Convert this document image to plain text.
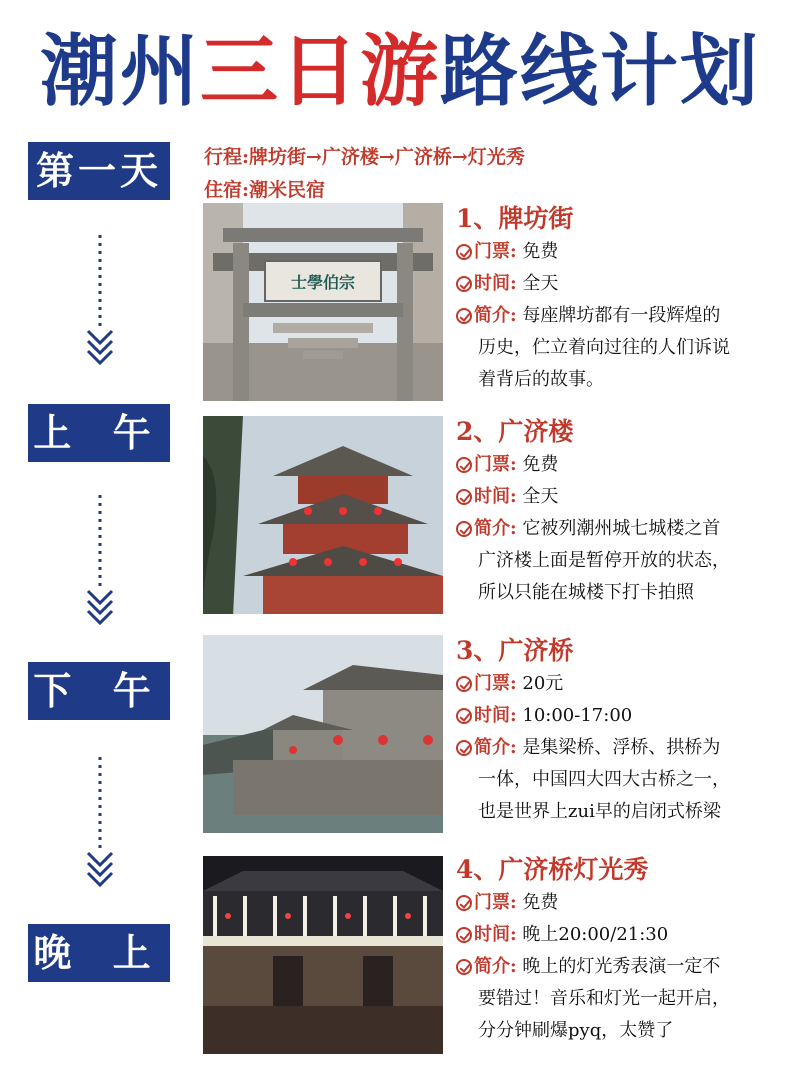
潮州三日游路线计划
行程:牌坊街→广济楼→广济桥→灯光秀
住宿:潮米民宿
第一天
上 午
下 午
晚 上
士學伯宗
1、牌坊街
门票: 免费
时间: 全天
简介: 每座牌坊都有一段辉煌的
历史，伫立着向过往的人们诉说
着背后的故事。
2、广济楼
门票: 免费
时间: 全天
简介: 它被列潮州城七城楼之首
广济楼上面是暂停开放的状态，
所以只能在城楼下打卡拍照
3、广济桥
门票: 20元
时间: 10:00-17:00
简介: 是集梁桥、浮桥、拱桥为
一体，中国四大四大古桥之一，
也是世界上zui早的启闭式桥梁
4、广济桥灯光秀
门票: 免费
时间: 晚上20:00/21:30
简介: 晚上的灯光秀表演一定不
要错过！音乐和灯光一起开启，
分分钟刷爆pyq，太赞了
